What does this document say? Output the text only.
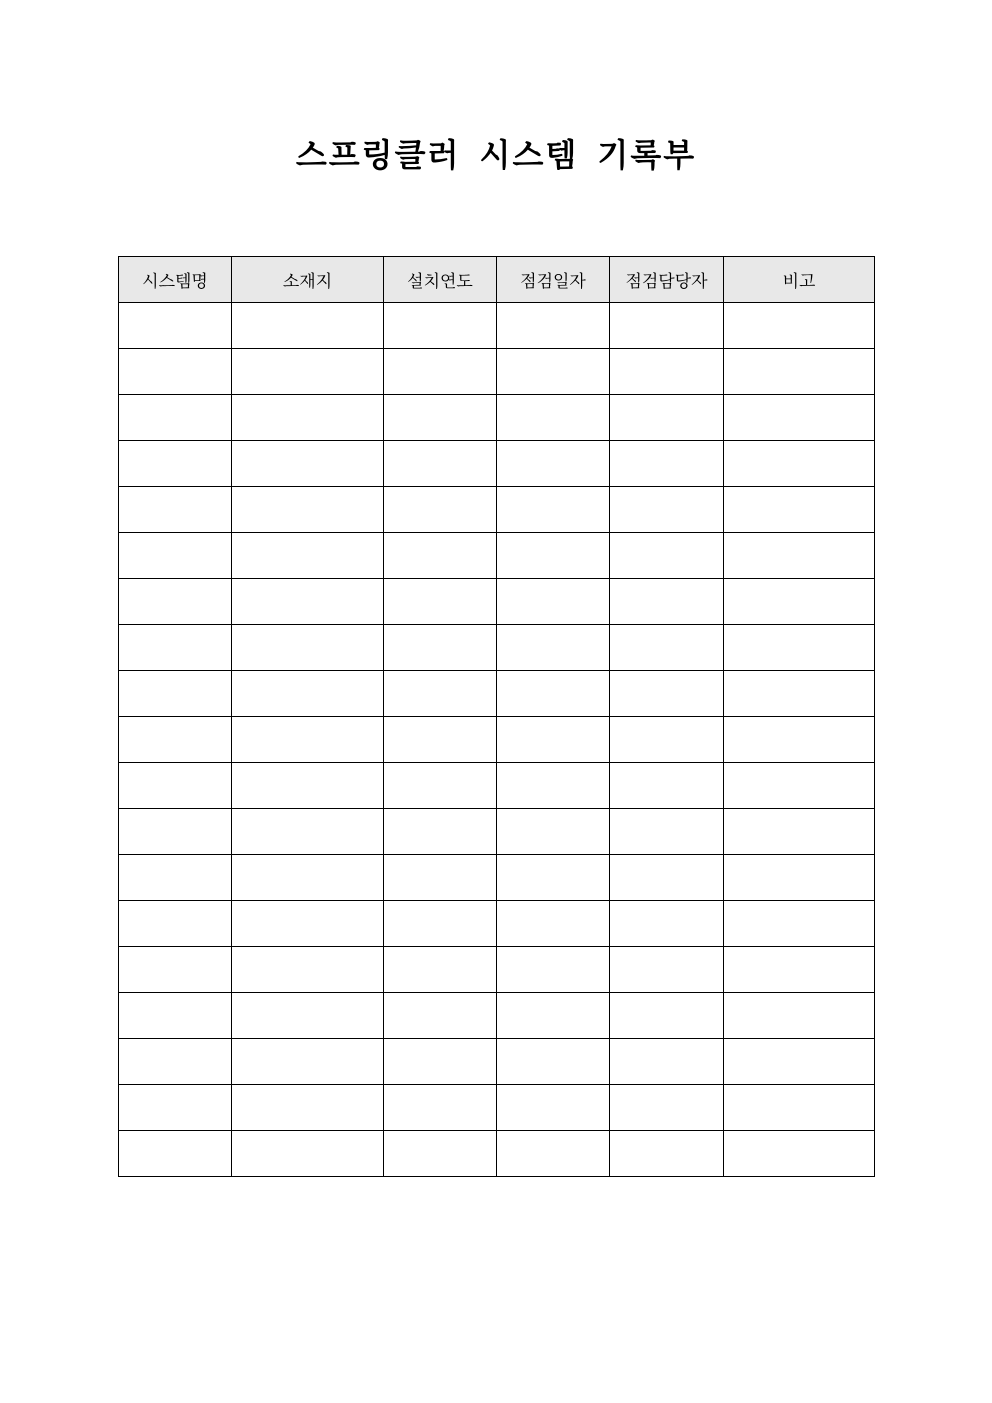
스프링클러 시스템 기록부
시스템명	소재지	설치연도	점검일자	점검담당자	비고
